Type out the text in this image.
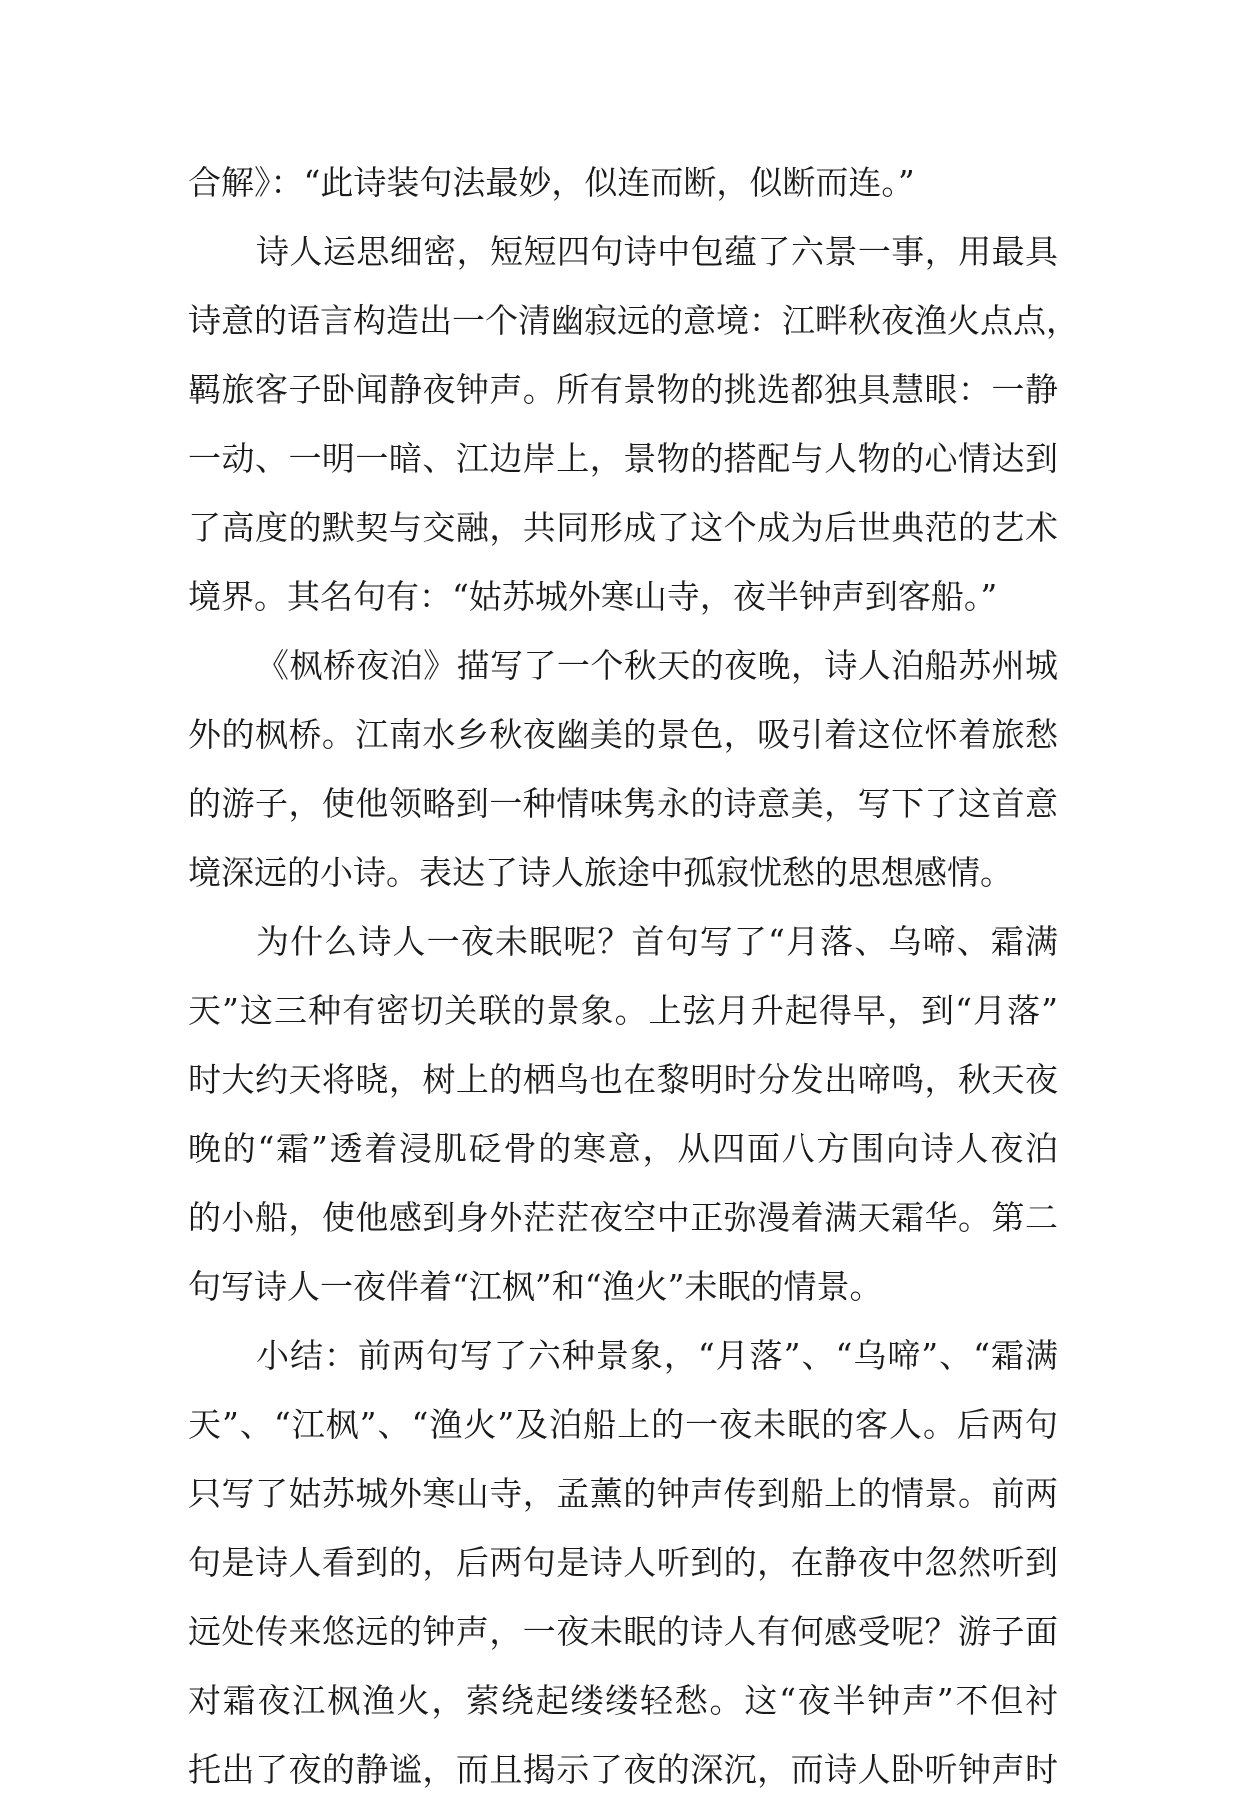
合解》：“此诗装句法最妙，似连而断，似断而连。”
诗人运思细密，短短四句诗中包蕴了六景一事，用最具
诗意的语言构造出一个清幽寂远的意境：江畔秋夜渔火点点，
羁旅客子卧闻静夜钟声。所有景物的挑选都独具慧眼：一静
一动、一明一暗、江边岸上，景物的搭配与人物的心情达到
了高度的默契与交融，共同形成了这个成为后世典范的艺术
境界。其名句有：“姑苏城外寒山寺，夜半钟声到客船。”
《枫桥夜泊》描写了一个秋天的夜晚，诗人泊船苏州城
外的枫桥。江南水乡秋夜幽美的景色，吸引着这位怀着旅愁
的游子，使他领略到一种情味隽永的诗意美，写下了这首意
境深远的小诗。表达了诗人旅途中孤寂忧愁的思想感情。
为什么诗人一夜未眠呢？首句写了“月落、乌啼、霜满
天”这三种有密切关联的景象。上弦月升起得早，到“月落”
时大约天将晓，树上的栖鸟也在黎明时分发出啼鸣，秋天夜
晚的“霜”透着浸肌砭骨的寒意，从四面八方围向诗人夜泊
的小船，使他感到身外茫茫夜空中正弥漫着满天霜华。第二
句写诗人一夜伴着“江枫”和“渔火”未眠的情景。
小结：前两句写了六种景象，“月落”、“乌啼”、“霜满
天”、“江枫”、“渔火”及泊船上的一夜未眠的客人。后两句
只写了姑苏城外寒山寺，孟薰的钟声传到船上的情景。前两
句是诗人看到的，后两句是诗人听到的，在静夜中忽然听到
远处传来悠远的钟声，一夜未眠的诗人有何感受呢？游子面
对霜夜江枫渔火，萦绕起缕缕轻愁。这“夜半钟声”不但衬
托出了夜的静谧，而且揭示了夜的深沉，而诗人卧听钟声时
